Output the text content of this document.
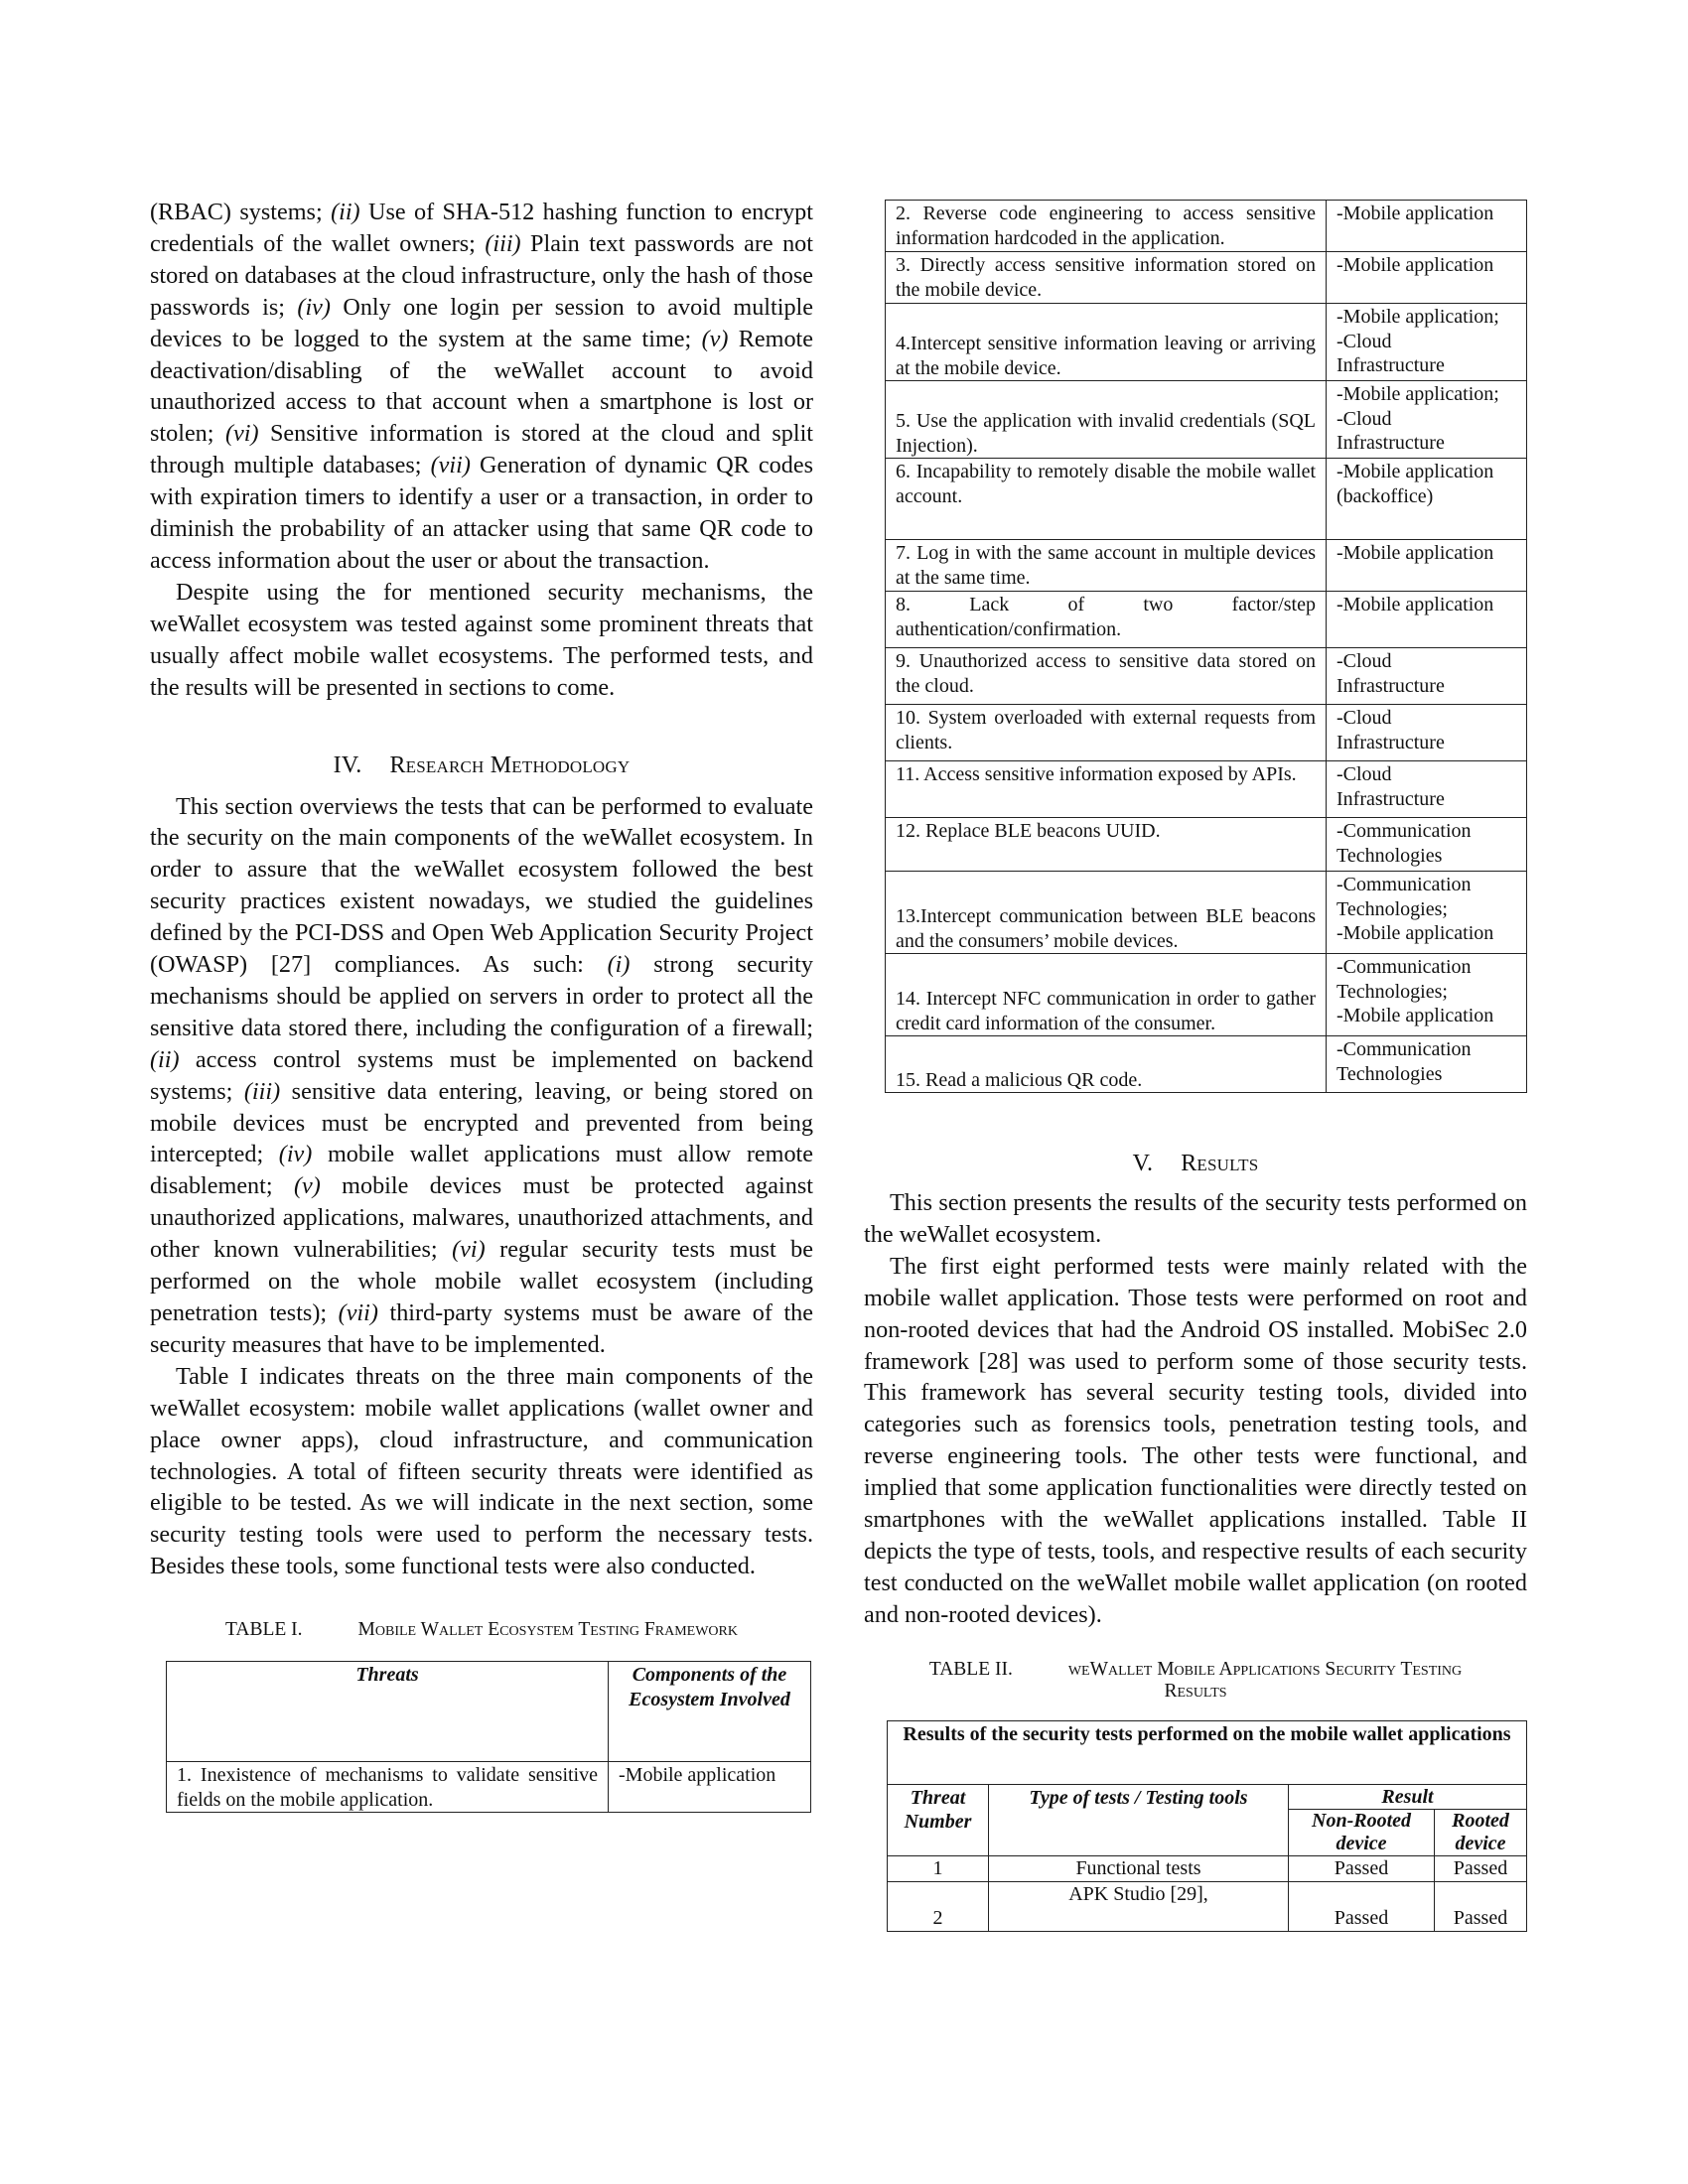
(RBAC) systems; (ii) Use of SHA-512 hashing function to encrypt credentials of the wallet owners; (iii) Plain text passwords are not stored on databases at the cloud infrastructure, only the hash of those passwords is; (iv) Only one login per session to avoid multiple devices to be logged to the system at the same time; (v) Remote deactivation/disabling of the weWallet account to avoid unauthorized access to that account when a smartphone is lost or stolen; (vi) Sensitive information is stored at the cloud and split through multiple databases; (vii) Generation of dynamic QR codes with expiration timers to identify a user or a transaction, in order to diminish the probability of an attacker using that same QR code to access information about the user or about the transaction.

Despite using the for mentioned security mechanisms, the weWallet ecosystem was tested against some prominent threats that usually affect mobile wallet ecosystems. The performed tests, and the results will be presented in sections to come.

IV. Research Methodology

This section overviews the tests that can be performed to evaluate the security on the main components of the weWallet ecosystem. In order to assure that the weWallet ecosystem followed the best security practices existent nowadays, we studied the guidelines defined by the PCI-DSS and Open Web Application Security Project (OWASP) [27] compliances. As such: (i) strong security mechanisms should be applied on servers in order to protect all the sensitive data stored there, including the configuration of a firewall; (ii) access control systems must be implemented on backend systems; (iii) sensitive data entering, leaving, or being stored on mobile devices must be encrypted and prevented from being intercepted; (iv) mobile wallet applications must allow remote disablement; (v) mobile devices must be protected against unauthorized applications, malwares, unauthorized attachments, and other known vulnerabilities; (vi) regular security tests must be performed on the whole mobile wallet ecosystem (including penetration tests); (vii) third-party systems must be aware of the security measures that have to be implemented.

Table I indicates threats on the three main components of the weWallet ecosystem: mobile wallet applications (wallet owner and place owner apps), cloud infrastructure, and communication technologies. A total of fifteen security threats were identified as eligible to be tested. As we will indicate in the next section, some security testing tools were used to perform the necessary tests. Besides these tools, some functional tests were also conducted.

TABLE I.	Mobile Wallet Ecosystem Testing Framework
Threats	Components of the Ecosystem Involved
1. Inexistence of mechanisms to validate sensitive fields on the mobile application.	-Mobile application
2. Reverse code engineering to access sensitive information hardcoded in the application.	-Mobile application

3. Directly access sensitive information stored on the mobile device.	-Mobile application

4.Intercept sensitive information leaving or arriving at the mobile device.	-Mobile application;
-Cloud
Infrastructure

5. Use the application with invalid credentials (SQL Injection).	-Mobile application;
-Cloud
Infrastructure

6. Incapability to remotely disable the mobile wallet account.	-Mobile application
(backoffice)

7. Log in with the same account in multiple devices at the same time.	-Mobile application

8. Lack of two factor/step authentication/confirmation.	-Mobile application

9. Unauthorized access to sensitive data stored on the cloud.	-Cloud
Infrastructure

10. System overloaded with external requests from clients.	-Cloud
Infrastructure

11. Access sensitive information exposed by APIs.	-Cloud
Infrastructure

12. Replace BLE beacons UUID.	-Communication
Technologies

13.Intercept communication between BLE beacons and the consumers’ mobile devices.	-Communication
Technologies;
-Mobile application

14. Intercept NFC communication in order to gather credit card information of the consumer.	-Communication
Technologies;
-Mobile application

15. Read a malicious QR code.	-Communication
Technologies
V. Results

This section presents the results of the security tests performed on the weWallet ecosystem.

The first eight performed tests were mainly related with the mobile wallet application. Those tests were performed on root and non-rooted devices that had the Android OS installed. MobiSec 2.0 framework [28] was used to perform some of those security tests. This framework has several security testing tools, divided into categories such as forensics tools, penetration testing tools, and reverse engineering tools. The other tests were functional, and implied that some application functionalities were directly tested on smartphones with the weWallet applications installed. Table II depicts the type of tests, tools, and respective results of each security test conducted on the weWallet mobile wallet application (on rooted and non-rooted devices).

TABLE II.	weWallet Mobile Applications Security Testing
Results
Results of the security tests performed on the mobile wallet applications			
Threat Number	Type of tests / Testing tools	Result	
		Non-Rooted device	Rooted device
1	Functional tests	Passed	Passed
2	APK Studio [29],	Passed	Passed
